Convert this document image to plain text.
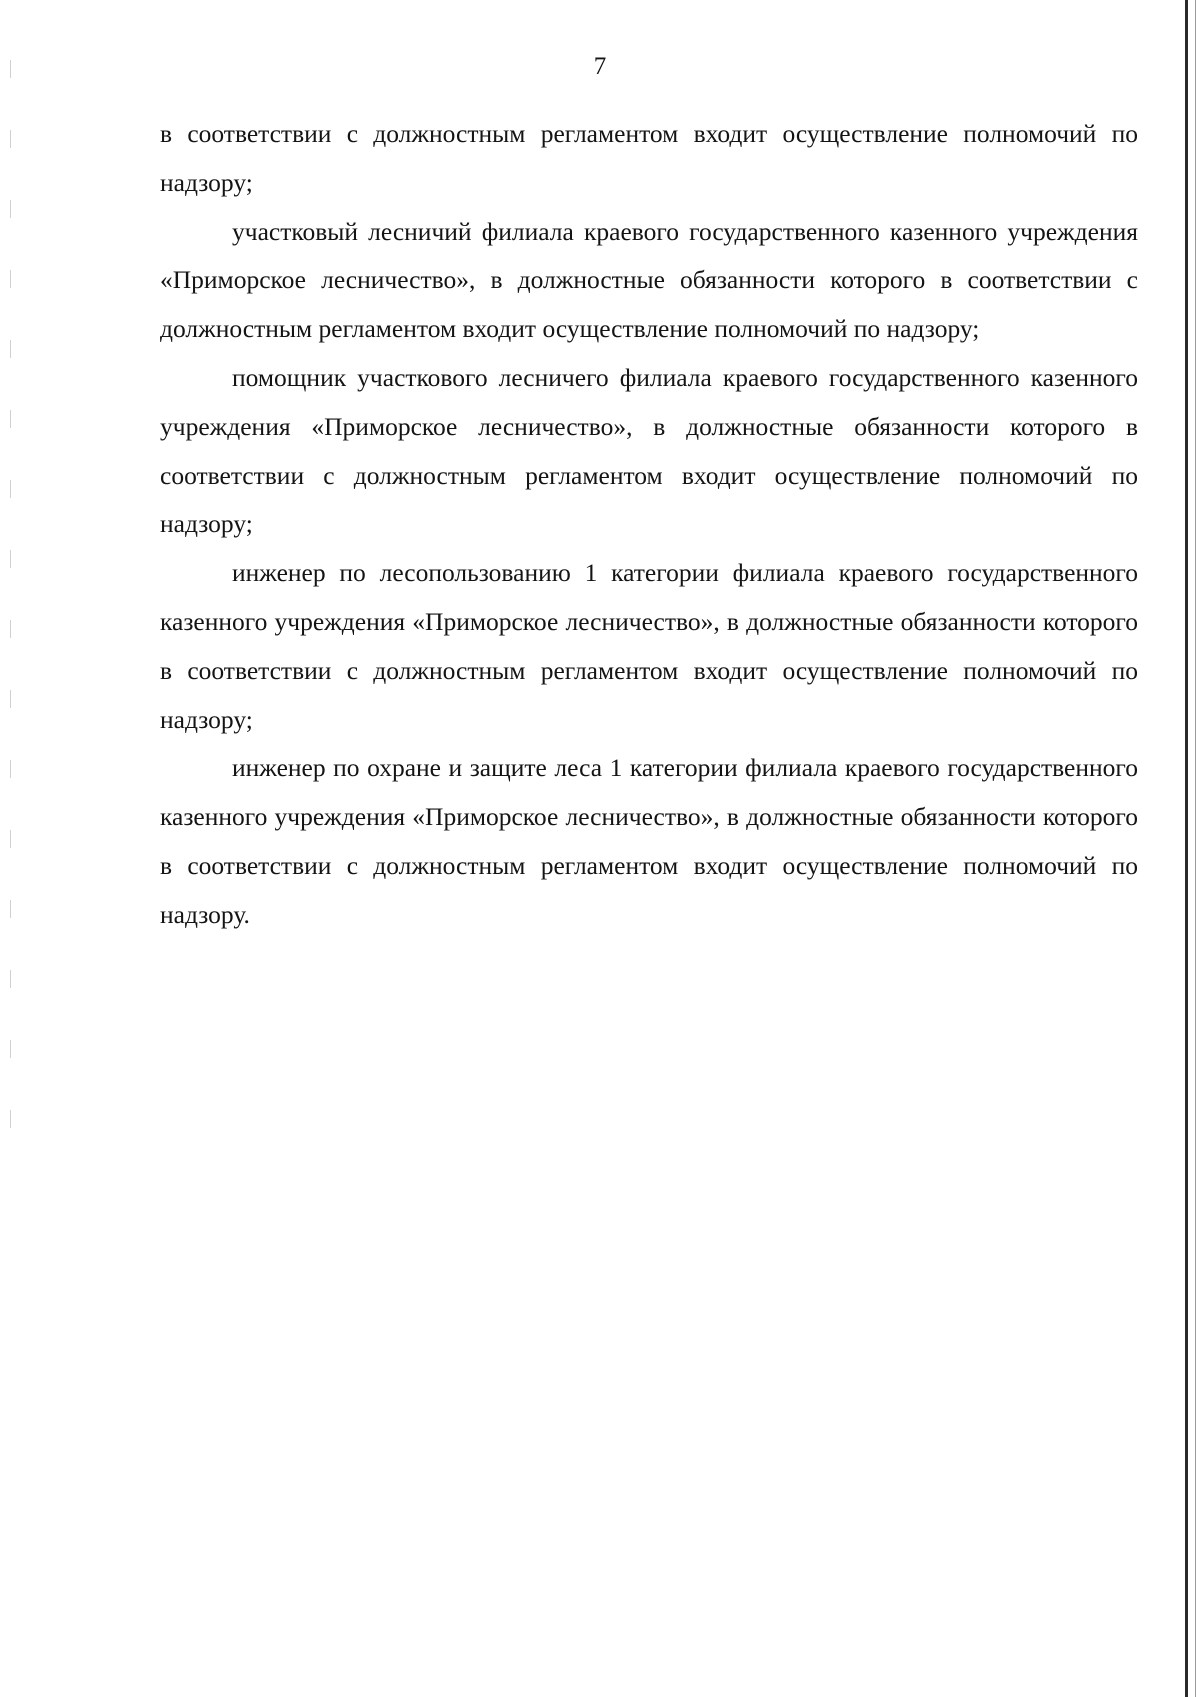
7

в соответствии с должностным регламентом входит осуществление полномочий по надзору;

участковый лесничий филиала краевого государственного казенного учреждения «Приморское лесничество», в должностные обязанности которого в соответствии с должностным регламентом входит осуществление полномочий по надзору;

помощник участкового лесничего филиала краевого государственного казенного учреждения «Приморское лесничество», в должностные обязанности которого в соответствии с должностным регламентом входит осуществление полномочий по надзору;

инженер по лесопользованию 1 категории филиала краевого государственного казенного учреждения «Приморское лесничество», в должностные обязанности которого в соответствии с должностным регламентом входит осуществление полномочий по надзору;

инженер по охране и защите леса 1 категории филиала краевого государственного казенного учреждения «Приморское лесничество», в должностные обязанности которого в соответствии с должностным регламентом входит осуществление полномочий по надзору.
